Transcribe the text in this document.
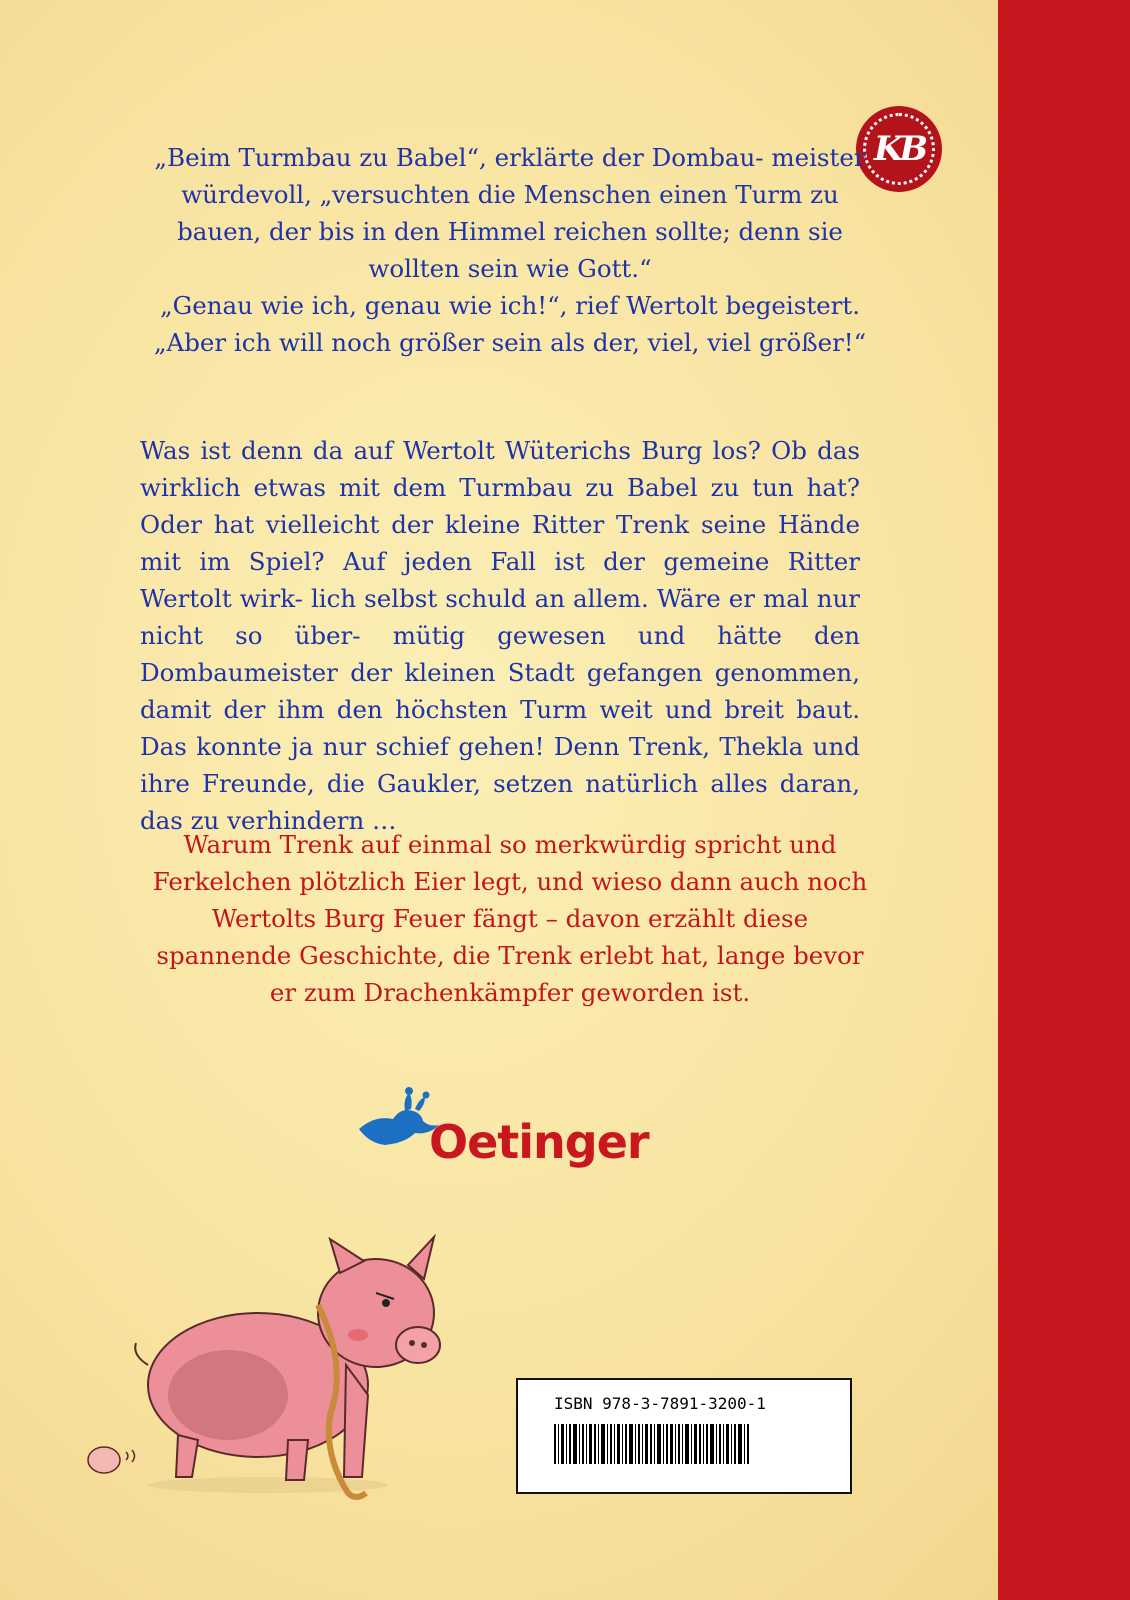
KB

„Beim Turmbau zu Babel“, erklärte der Dombau- meister würdevoll, „versuchten die Menschen einen Turm zu bauen, der bis in den Himmel reichen sollte; denn sie wollten sein wie Gott.“

„Genau wie ich, genau wie ich!“, rief Wertolt begeistert. „Aber ich will noch größer sein als der, viel, viel größer!“

Was ist denn da auf Wertolt Wüterichs Burg los? Ob das wirklich etwas mit dem Turmbau zu Babel zu tun hat? Oder hat vielleicht der kleine Ritter Trenk seine Hände mit im Spiel? Auf jeden Fall ist der gemeine Ritter Wertolt wirk- lich selbst schuld an allem. Wäre er mal nur nicht so über- mütig gewesen und hätte den Dombaumeister der kleinen Stadt gefangen genommen, damit der ihm den höchsten Turm weit und breit baut. Das konnte ja nur schief gehen! Denn Trenk, Thekla und ihre Freunde, die Gaukler, setzen natürlich alles daran, das zu verhindern …

Warum Trenk auf einmal so merkwürdig spricht und Ferkelchen plötzlich Eier legt, und wieso dann auch noch Wertolts Burg Feuer fängt – davon erzählt diese spannende Geschichte, die Trenk erlebt hat, lange bevor er zum Drachenkämpfer geworden ist.

Oetinger
ISBN 978-3-7891-3200-1
